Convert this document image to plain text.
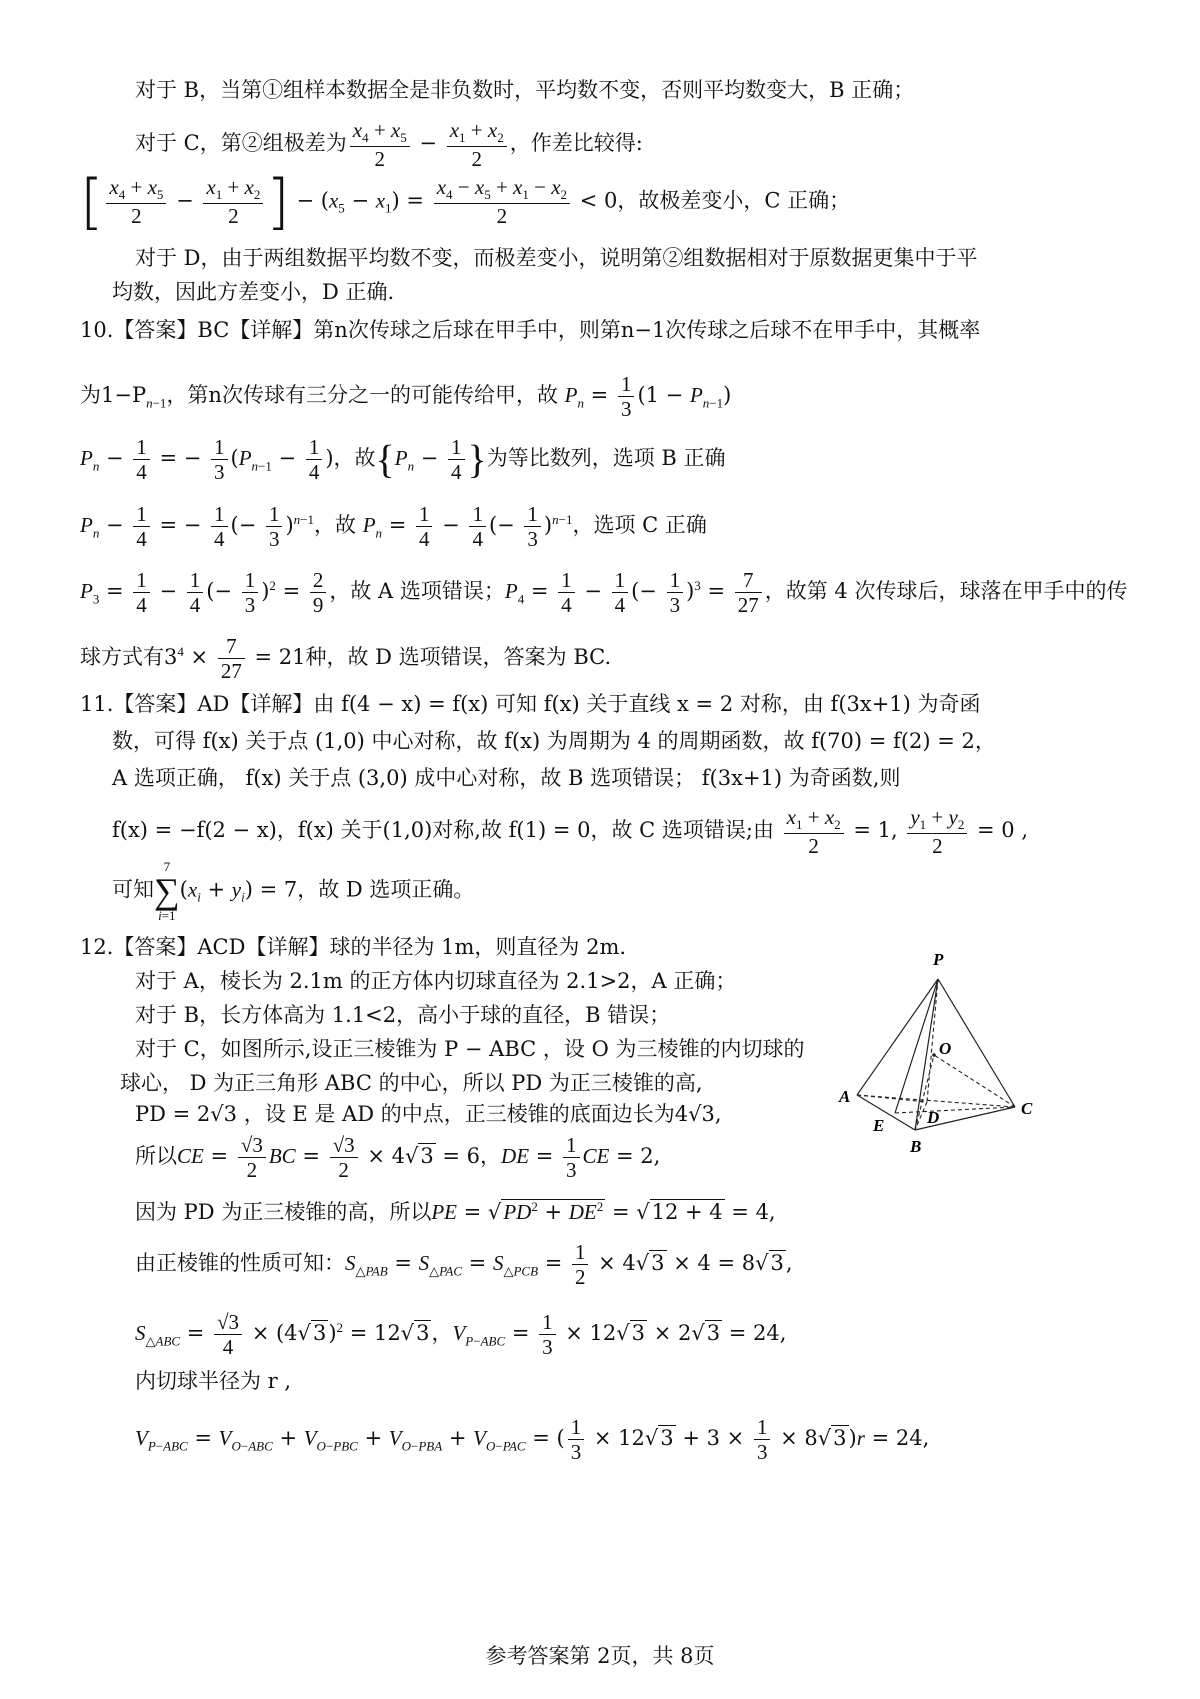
对于 B，当第①组样本数据全是非负数时，平均数不变，否则平均数变大，B 正确；
对于 C，第②组极差为 $\frac{x_4 + x_5}{2} - \frac{x_1 + x_2}{2}$ ，作差比较得:
[ $\frac{x_4 + x_5}{2} - \frac{x_1 + x_2}{2}$ ] − $(x_5 - x_1) = \frac{x_4 - x_5 + x_1 - x_2}{2} < 0$，故极差变小，C 正确；
对于 D，由于两组数据平均数不变，而极差变小，说明第②组数据相对于原数据更集中于平
均数，因此方差变小，D 正确.
10.【答案】BC【详解】第n次传球之后球在甲手中，则第n−1次传球之后球不在甲手中，其概率
为$1-P_{n-1}$，第n次传球有三分之一的可能传给甲，故 $P_n = \frac{1}{3} (1 - P_{n-1})$
$P_n - \frac{1}{4}$ = − $\frac{1}{3} (P_{n-1} - \frac{1}{4}$ )，故{$P_n - \frac{1}{4}$ }为等比数列，选项 B 正确
$P_n - \frac{1}{4}$ = − $\frac{1}{4}$ (− $\frac{1}{3} )^{n-1}$，故 $P_n = \frac{1}{4} - \frac{1}{4}$ (− $\frac{1}{3} )^{n-1}$，选项 C 正确
$P_3 = \frac{1}{4} - \frac{1}{4}$ (− $\frac{1}{3} )^2 = \frac{2}{9}$ ，故 A 选项错误；$P_4 = \frac{1}{4} - \frac{1}{4}$ (− $\frac{1}{3} )^3 = \frac{7}{27}$ ，故第 4 次传球后，球落在甲手中的传
球方式有$3^4 \times \frac{7}{27} = 21$种，故 D 选项错误，答案为 BC.
11.【答案】AD【详解】由 f(4 − x) = f(x) 可知 f(x) 关于直线 x = 2 对称，由 f(3x+1) 为奇函
数，可得 f(x) 关于点 (1,0) 中心对称，故 f(x) 为周期为 4 的周期函数，故 f(70) = f(2) = 2，
A 选项正确， f(x) 关于点 (3,0) 成中心对称，故 B 选项错误； f(3x+1) 为奇函数,则
f(x) = −f(2 − x)，f(x) 关于(1,0)对称,故 f(1) = 0，故 C 选项错误;由 $\frac{x_1 + x_2}{2} = 1$, $\frac{y_1 + y_2}{2} = 0$ ,
可知
7
∑
i=1
$(x_i + y_i) = 7$，故 D 选项正确。
12.【答案】ACD【详解】球的半径为 1m，则直径为 2m.
对于 A，棱长为 2.1m 的正方体内切球直径为 2.1>2，A 正确；
对于 B，长方体高为 1.1<2，高小于球的直径，B 错误；
对于 C，如图所示,设正三棱锥为 P − ABC ，设 O 为三棱锥的内切球的
球心， D 为正三角形 ABC 的中心，所以 PD 为正三棱锥的高,
PD = 2√3 ，设 E 是 AD 的中点，正三棱锥的底面边长为4√3,
所以CE = $\frac{√3}{2}$ BC = $\frac{√3}{2} \times 4√3 = 6$，DE = $\frac{1}{3}$ CE = 2,
因为 PD 为正三棱锥的高，所以PE = $√PD^2 + DE^2 = √12 + 4 = 4$,
由正棱锥的性质可知：$S_{\triangle PAB} = S_{\triangle PAC} = S_{\triangle PCB} = \frac{1}{2} \times 4√3 \times 4 = 8√3$,
$S_{\triangle ABC} = \frac{√3}{4} \times (4√3)^2 = 12√3$，$V_{P-ABC} = \frac{1}{3} \times 12√3 \times 2√3 = 24$,
内切球半径为 r ,
$V_{P-ABC} = V_{O-ABC} + V_{O-PBC} + V_{O-PBA} + V_{O-PAC}$ = ( $\frac{1}{3} \times 12√3 + 3 \times \frac{1}{3} \times 8√3)r = 24$,
P
O
A
D	C
E
B
参考答案第 2页，共 8页
